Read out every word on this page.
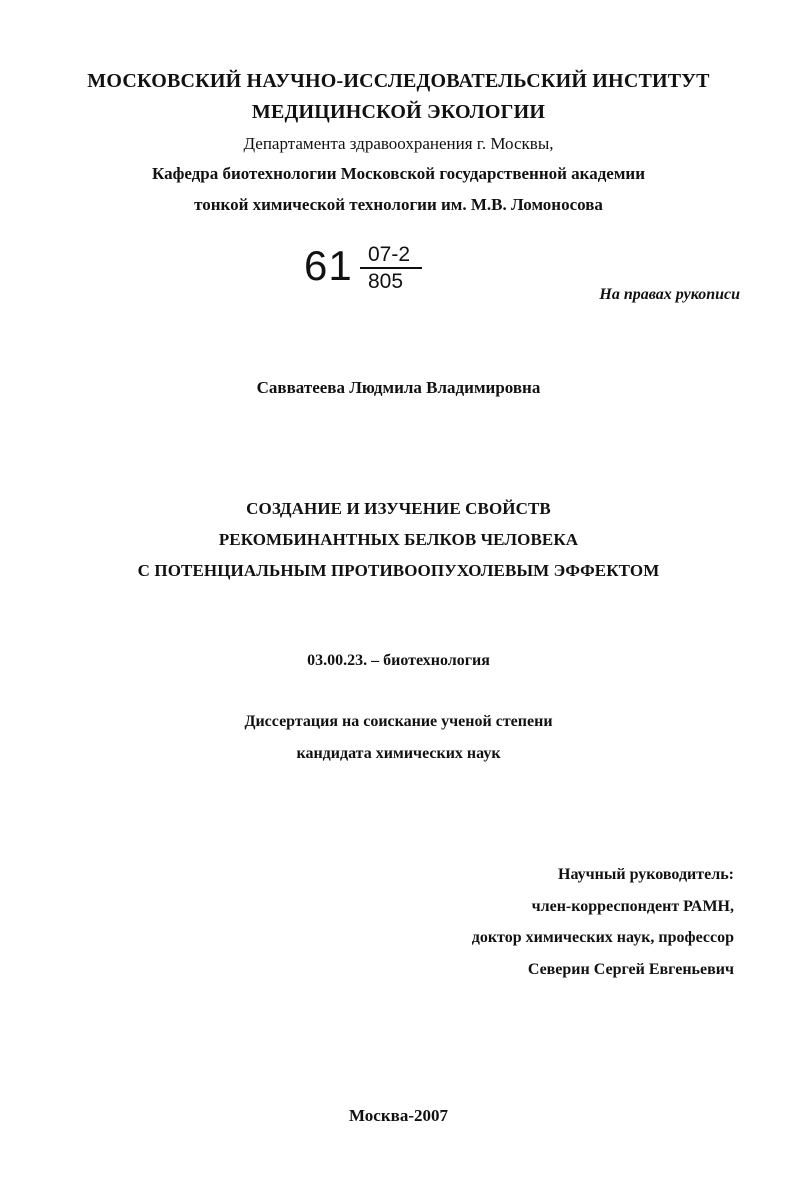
МОСКОВСКИЙ НАУЧНО-ИССЛЕДОВАТЕЛЬСКИЙ ИНСТИТУТ
МЕДИЦИНСКОЙ ЭКОЛОГИИ
Департамента здравоохранения г. Москвы,
Кафедра биотехнологии Московской государственной академии
тонкой химической технологии им. М.В. Ломоносова
61 07-2
805
На правах рукописи
Савватеева Людмила Владимировна
СОЗДАНИЕ И ИЗУЧЕНИЕ СВОЙСТВ
РЕКОМБИНАНТНЫХ БЕЛКОВ ЧЕЛОВЕКА
С ПОТЕНЦИАЛЬНЫМ ПРОТИВООПУХОЛЕВЫМ ЭФФЕКТОМ
03.00.23. – биотехнология
Диссертация на соискание ученой степени
кандидата химических наук
Научный руководитель:
член-корреспондент РАМН,
доктор химических наук, профессор
Северин Сергей Евгеньевич
Москва-2007
